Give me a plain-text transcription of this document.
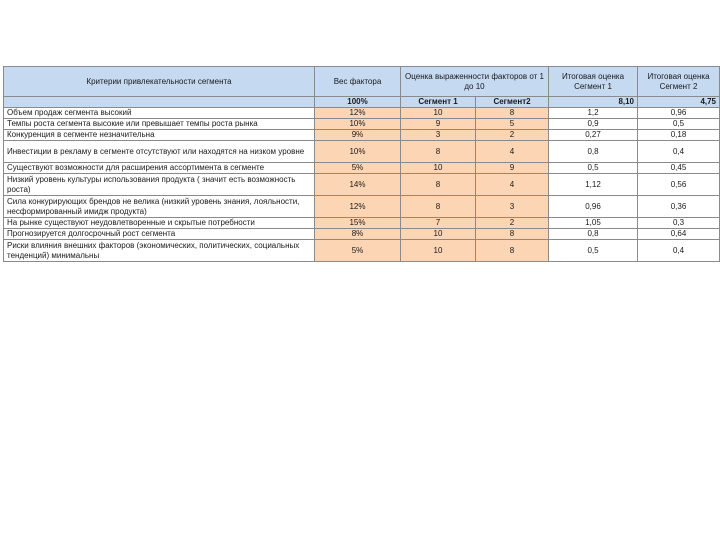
Критерии привлекательности сегмента	Вес фактора	Оценка выраженности факторов от 1 до 10		Итоговая оценка Сегмент 1	Итоговая оценка Сегмент 2
	100%	Сегмент 1	Сегмент2	8,10	4,75
Объем продаж сегмента высокий	12%	10	8	1,2	0,96
Темпы роста сегмента высокие или превышает темпы роста рынка	10%	9	5	0,9	0,5
Конкуренция в сегменте незначительна	9%	3	2	0,27	0,18
Инвестиции в рекламу в сегменте отсутствуют или находятся на низком уровне	10%	8	4	0,8	0,4
Существуют возможности для расширения ассортимента в сегменте	5%	10	9	0,5	0,45
Низкий уровень культуры использования продукта ( значит есть возможность роста)	14%	8	4	1,12	0,56
Сила конкурирующих брендов не велика (низкий уровень знания, лояльности, несформированный имидж продукта)	12%	8	3	0,96	0,36
На рынке существуют неудовлетворенные и скрытые потребности	15%	7	2	1,05	0,3
Прогнозируется долгосрочный рост сегмента	8%	10	8	0,8	0,64
Риски влияния внешних факторов (экономических, политических, социальных тенденций) минимальны	5%	10	8	0,5	0,4
